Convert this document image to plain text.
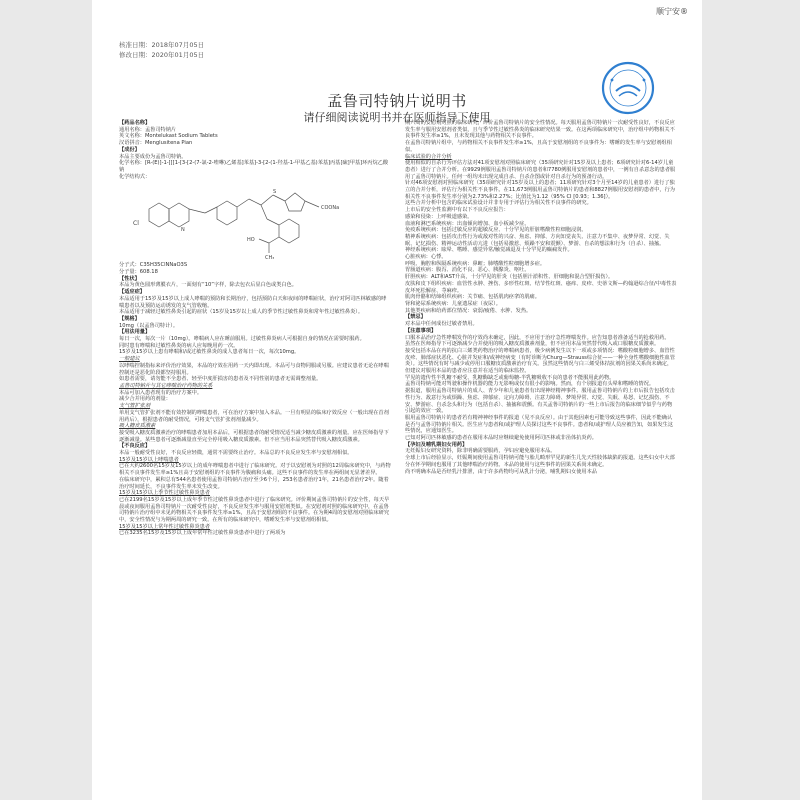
顺宁安®
核准日期：2018年07月05日
修改日期：2020年01月05日
孟鲁司特钠片说明书
请仔细阅读说明书并在医师指导下使用

【药品名称】

通用名称：孟鲁司特钠片

英文名称：Montelukast Sodium Tablets

汉语拼音：Menglusitena Pian

【成份】

本品主要成份为孟鲁司特钠。

化学名称：[R-(E)]-1-[[[1-[3-[2-(7-氯-2-喹啉)乙烯基]苯基]-3-[2-(1-羟基-1-甲基乙基)苯基]丙基]硫]甲基]环丙烷乙酸钠

化学结构式：

Cl
N
S
COONa
HO
CH₃

分子式：C35H35ClNNaO3S

分子量：608.18

【性状】

本品为黄色圆形薄膜衣片，一面刻有“10”字样，除去包衣后显白色或类白色。

【适应症】

本品适用于15岁及15岁以上成人哮喘的预防和长期治疗，包括预防白天和夜间的哮喘症状，治疗对阿司匹林敏感的哮喘患者以及预防运动诱发的支气管收缩。

本品适用于减轻过敏性鼻炎引起的症状（15岁及15岁以上成人的季节性过敏性鼻炎和常年性过敏性鼻炎）。

【规格】

10mg（以孟鲁司特计）。

【用法用量】

每日一次，每次一片（10mg）。哮喘病人应在睡前服用。过敏性鼻炎病人可根据自身的情况在需要时服药。

同时患有哮喘和过敏性鼻炎的病人应每晚用药一次。

15岁及15岁以上患有哮喘和/或过敏性鼻炎的成人患者每日一次，每次10mg。

一般建议

以哮喘控制指标来评价治疗效果，本品的疗效在用药一天内即出现。本品可与食物同服或另服。应建议患者无论在哮喘控制还是恶化阶段都坚持服用。

如患者需要，请勿能不全患者、轻至中度肝损害的患者及不同性别的患者无需调整剂量。

孟鲁司特钠片与其它哮喘治疗药物的关系

本品可加入患者现有的治疗方案中。

减少合并用药的剂量：

支气管扩张剂

单用支气管扩张剂不能有效控制的哮喘患者，可在治疗方案中加入本品。一旦有明显的临床疗效反应（一般出现在首剂用药后），根据患者的耐受情况，可将支气管扩张剂剂量减少。

吸入糖皮质激素

接受吸入糖皮质激素治疗的哮喘患者加用本品后，可根据患者的耐受情况适当减少糖皮质激素的剂量。应在医师指导下逐渐减量。某些患者可逐渐减量直至完全停用吸入糖皮质激素。但不应当用本品突然替代吸入糖皮质激素。

【不良反应】

本品一般耐受性良好，不良反应轻微，通常不需要终止治疗。本品总的不良反应发生率与安慰剂相似。

15岁及15岁以上哮喘患者

已在大约2600名15岁及15岁以上的成年哮喘患者中进行了临床研究。对于以安慰剂为对照的12周临床研究中，与药物相关不良事件发生率≥1%且高于安慰剂组的不良事件为腹痛和头痛。这些不良事件的发生率在两组间无显著差异。

在临床研究中，累积总有544名患者使用孟鲁司特钠片治疗至少6个月，253名患者治疗1年，21名患者治疗2年。随着治疗时间延长，不良事件发生率未发生改变。

15岁及15岁以上季节性过敏性鼻炎患者

已在2199名15岁及15岁以上成年季节性过敏性鼻炎患者中进行了临床研究。评价期间孟鲁司特钠片的安全性，每天早晨或夜间服用孟鲁司特钠片一次耐受性良好，不良反应发生率与服用安慰剂类似。在安慰剂对照的临床研究中，在孟鲁司特钠片治疗组中未见药物相关不良事件发生率≥1%，且高于安慰剂组的不良事件。在为期4周的安慰剂对照临床研究中，安全性情况与为期两周的研究一致。在所有的临床研究中，嗜睡发生率与安慰剂组相似。

15岁及15岁以上常年性过敏性鼻炎患者

已在3235名15岁及15岁以上成年常年性过敏性鼻炎患者中进行了两项为

期六周的安慰剂对照的临床研究，评价孟鲁司特钠片的安全性情况。每天服用孟鲁司特钠片一次耐受性良好，不良反应发生率与服用安慰剂者类似，且与季节性过敏性鼻炎的临床研究结果一致。在这两项临床研究中，治疗组中药物相关不良事件发生率≥1%，且未发现其他与药物相关不良事件。

在孟鲁司特钠片组中，与药物相关不良事件发生率≥1%，且高于安慰剂组的不良事件为：嗜睡的发生率与安慰剂组相似。

临床试验的合并分析

使用相似的自杀行为评估方法对41项安慰剂对照临床研究（35项研究针对15岁及以上患者；6项研究针对6-14岁儿童患者）进行了合并分析。在9929例服用孟鲁司特钠片的患者和7780例服用安慰剂的患者中，一例有自杀意念的患者服用了孟鲁司特钠片。任何一组均未出现完成自杀、自杀企图或针对自杀行为的预备行动。

针对46项安慰剂对照临床研究（35项研究针对15岁及以上的患者；11项研究针对3个月至14岁的儿童患者）进行了独立的合并分析，评估行为相关性不良事件。在11,673例服用孟鲁司特钠片的患者和8827例服用安慰剂的患者中，行为相关性不良事件发生率分别为2.73%和2.27%；比值比为1.12（95% CI [0.93；1.36]）。

这些合并分析中包含的临床试验设计并非专用于评估行为相关性不良事件的研究。

上市后的安全性监测中有以下不良反应报告：

感染和侵染：上呼吸道感染。

血液和淋巴系统疾病：出血倾向增加、血小板减少症。

免疫系统疾病：包括过敏反应的超敏反应、十分罕见的肝脏嗜酸性粒细胞浸润。

精神系统疾病：包括攻击性行为或敌对性的兴奋、焦虑、抑郁、方向知觉丧失、注意力不集中、夜梦异常、幻觉、失眠、记忆损伤、精神运动性活动亢进（包括易激惹、烦躁不安和震颤）、梦游、自杀的想法和行为（自杀）、抽搐。

神经系统疾病：眩晕、嗜睡、感觉异常/触觉减退及十分罕见的癫痫发作。

心脏疾病：心悸。

呼吸、胸腔和纵隔系统疾病：鼻衄；肺嗜酸性粒细胞增多症。

胃肠道疾病：腹泻、消化不良、恶心、胰腺炎、呕吐。

肝胆疾病：ALT和AST升高，十分罕见的肝炎（包括胆汁淤积性、肝细胞和混合型肝损伤）。

皮肤和皮下组织疾病：血管性水肿、挫伤、多形性红斑、结节性红斑、瘙痒、皮疹、史蒂文斯—约翰逊综合征/中毒性表皮坏死松解症、荨麻疹。

肌肉骨骼和结缔组织疾病：关节痛、包括肌肉痉挛的肌痛。

肾和泌尿系统疾病：儿童遗尿症（夜尿）。

其他类疾病和给药部位情况：衰弱/疲倦、水肿、发热。

【禁忌】

对本品中任何成份过敏者禁用。

【注意事项】

口服本品治疗急性哮喘发作的疗效尚未确定，因此，不应用于治疗急性哮喘发作。应告知患者准备适当的抢救用药。

虽然在医师指导下可逐渐减少合并使用的吸入糖皮质激素剂量，但不应用本品突然替代吸入或口服糖皮质激素。

接受包括本品在内的抗白三烯类药物治疗的哮喘病患者，极少病例发生以下一项或多项情况：嗜酸粒细胞增多、血管性皮疹、肺部症状恶化、心脏并发症和/或神经病变（有时诊断为Churg—Strauss综合征——一种全身性嗜酸细胞性血管炎）。这些情况有时与减少或停用口服糖皮质激素治疗有关。虽然这些情况与白三烯受体拮抗剂的因果关系尚未确定，但建议对服用本品的患者应注意并在适当的临床监控。

罕见的遗传性半乳糖不耐受、乳糖酶缺乏或葡萄糖-半乳糖吸收不良的患者不能服用此药物。

孟鲁司特钠可能对驾驶和操作机器的能力无影响或仅有很小的影响。然而，有个别报道有头晕和嗜睡的情况。

据报道，服用孟鲁司特钠片的成人、青少年和儿童患者有出现神经精神事件。服用孟鲁司特钠片的上市后报告包括攻击性行为、敌意行为或烦躁、焦虑、抑郁症、定向力障碍、注意力障碍、梦境异常、幻觉、失眠、易怒、记忆损伤、不安、梦游症、自杀念头和行为（包括自杀）、抽搐和震颤。有关孟鲁司特钠片的一些上市后报告的临床细节似乎与药物引起的效应一致。

服用孟鲁司特钠片的患者若有精神神经事件的报道（见不良反应）。由于其他因素也可能导致这些事件，因此不能确认是否与孟鲁司特钠片相关。医生应与患者和/或护理人员探讨这些不良事件。患者和/或护理人员应被告知，如果发生这些情况，应通知医生。

已知对阿司匹林敏感的患者在服用本品时应继续避免使用阿司匹林或非甾体抗炎药。

【孕妇及哺乳期妇女用药】

无妊娠妇女研究资料，除非明确需要服药，孕妇应避免服用本品。

全球上市后经验显示，妊娠期间使用孟鲁司特钠可能与胎儿畸形罕见的新生儿先天性肢体缺陷的报道。这些妇女中大部分在怀孕期间也服用了其他哮喘治疗药物。本品的使用与这些事件的因果关系尚未确定。

尚不明确本品是否经乳汁排泄，由于许多药物均可从乳汁分泌，哺乳期妇女使用本品
